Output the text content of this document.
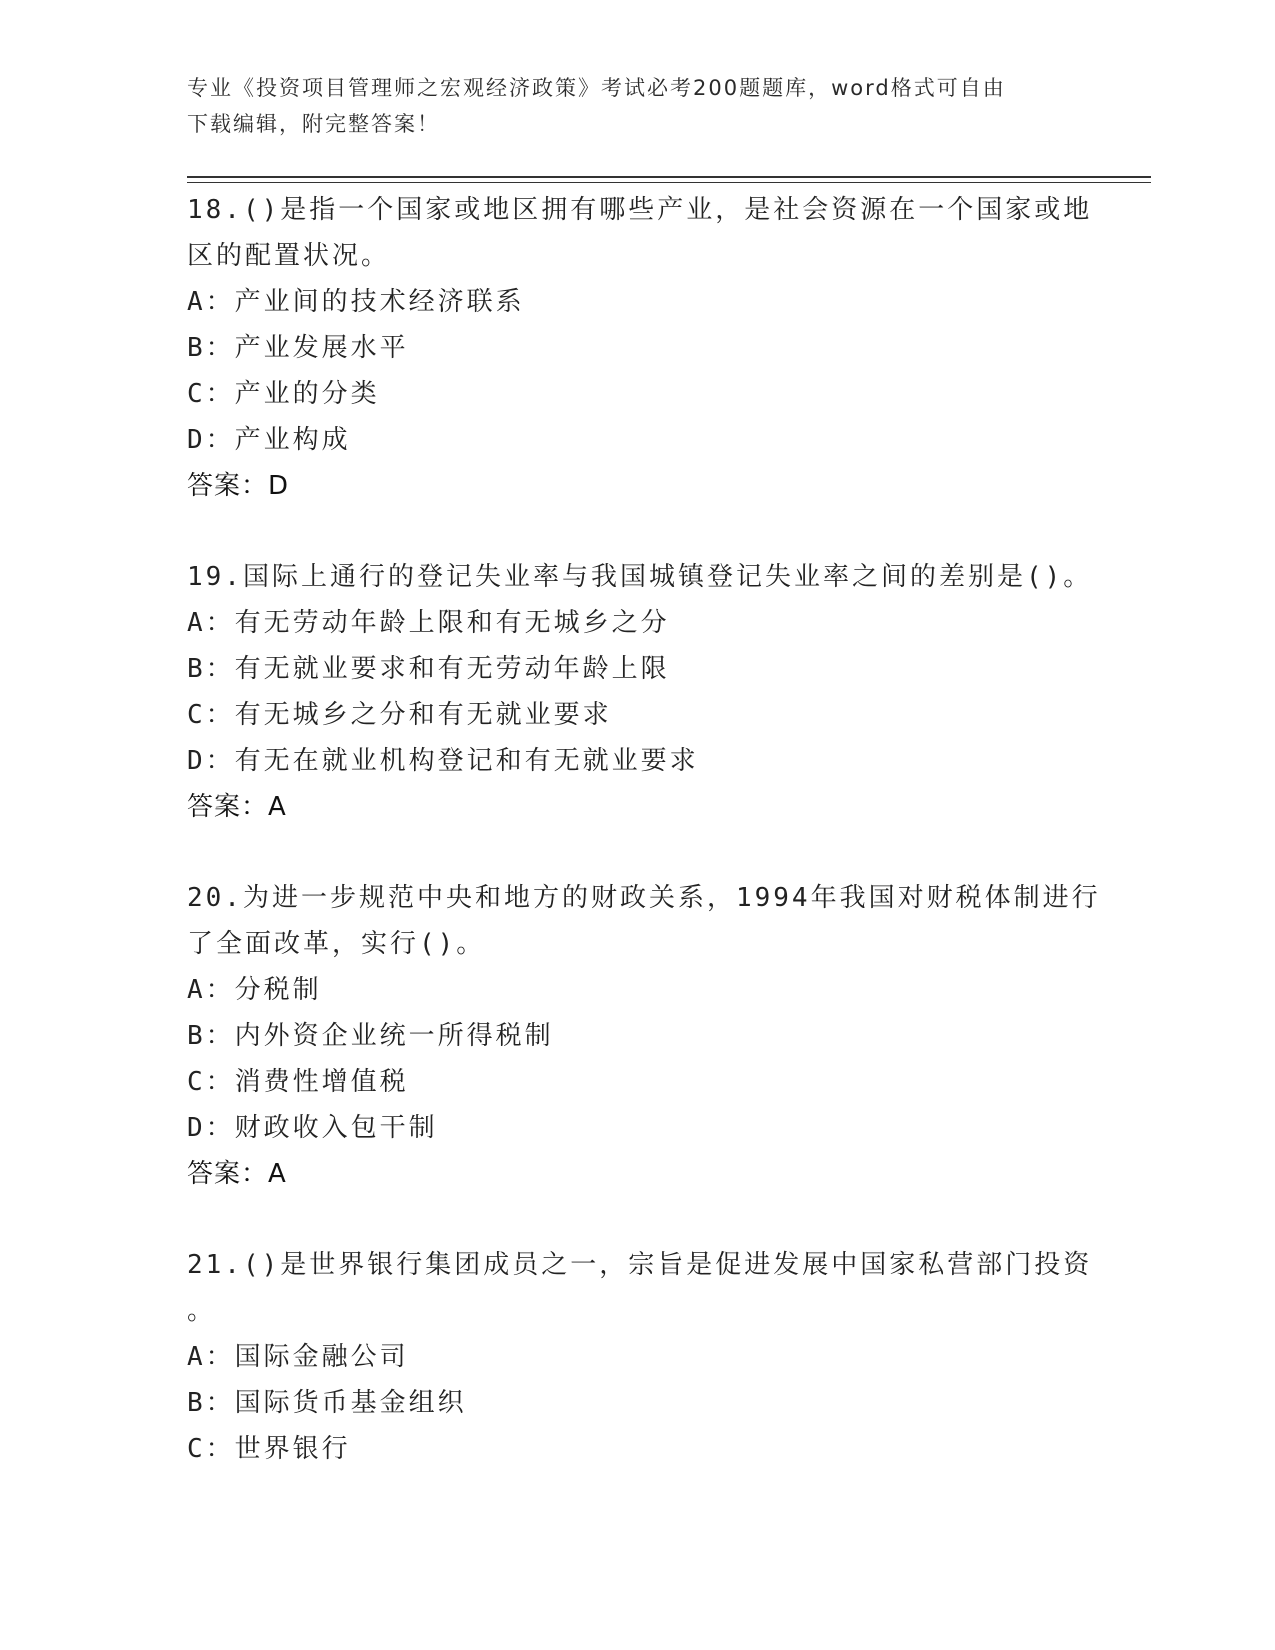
专业《投资项目管理师之宏观经济政策》考试必考200题题库，word格式可自由
下载编辑，附完整答案！
18.()是指一个国家或地区拥有哪些产业，是社会资源在一个国家或地
区的配置状况。
A：产业间的技术经济联系
B：产业发展水平
C：产业的分类
D：产业构成
答案：D
19.国际上通行的登记失业率与我国城镇登记失业率之间的差别是()。
A：有无劳动年龄上限和有无城乡之分
B：有无就业要求和有无劳动年龄上限
C：有无城乡之分和有无就业要求
D：有无在就业机构登记和有无就业要求
答案：A
20.为进一步规范中央和地方的财政关系，1994年我国对财税体制进行
了全面改革，实行()。
A：分税制
B：内外资企业统一所得税制
C：消费性增值税
D：财政收入包干制
答案：A
21.()是世界银行集团成员之一，宗旨是促进发展中国家私营部门投资
。
A：国际金融公司
B：国际货币基金组织
C：世界银行
